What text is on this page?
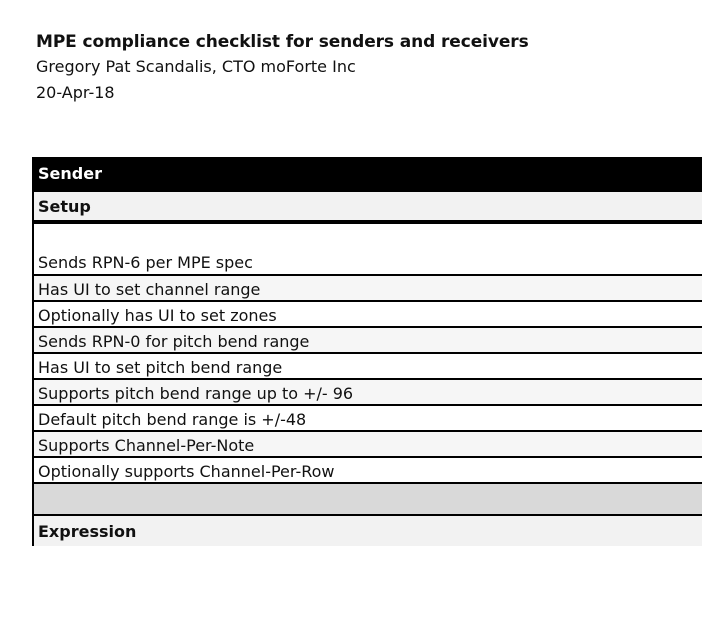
MPE compliance checklist for senders and receivers

Gregory Pat Scandalis, CTO moForte Inc

20-Apr-18

Sender
Setup
Sends RPN-6 per MPE spec
Has UI to set channel range
Optionally has UI to set zones
Sends RPN-0 for pitch bend range
Has UI to set pitch bend range
Supports pitch bend range up to +/- 96
Default pitch bend range is +/-48
Supports Channel-Per-Note
Optionally supports Channel-Per-Row
Expression
